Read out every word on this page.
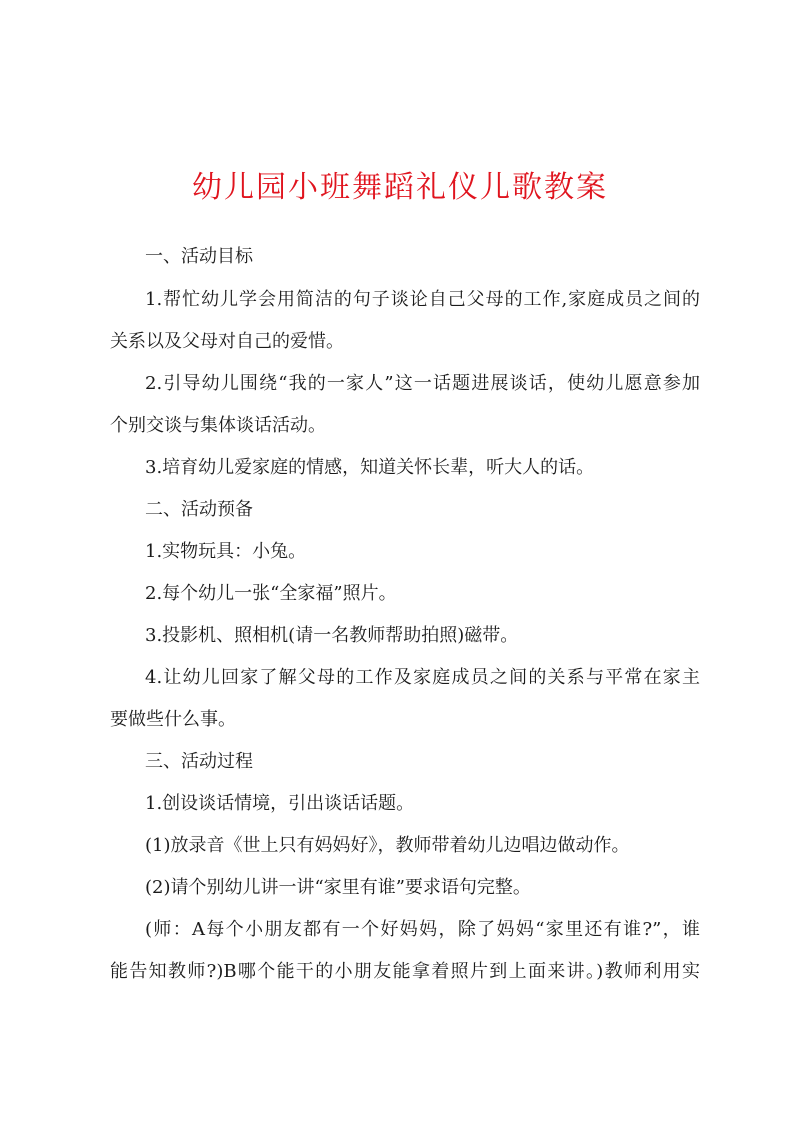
幼儿园小班舞蹈礼仪儿歌教案

一、活动目标

1.帮忙幼儿学会用简洁的句子谈论自己父母的工作,家庭成员之间的

关系以及父母对自己的爱惜。

2.引导幼儿围绕“我的一家人”这一话题进展谈话，使幼儿愿意参加

个别交谈与集体谈话活动。

3.培育幼儿爱家庭的情感，知道关怀长辈，听大人的话。

二、活动预备

1.实物玩具：小兔。

2.每个幼儿一张“全家福”照片。

3.投影机、照相机(请一名教师帮助拍照)磁带。

4.让幼儿回家了解父母的工作及家庭成员之间的关系与平常在家主

要做些什么事。

三、活动过程

1.创设谈话情境，引出谈话话题。

(1)放录音《世上只有妈妈好》，教师带着幼儿边唱边做动作。

(2)请个别幼儿讲一讲“家里有谁”要求语句完整。

(师：A每个小朋友都有一个好妈妈，除了妈妈“家里还有谁?”，谁

能告知教师?)B哪个能干的小朋友能拿着照片到上面来讲。)教师利用实
